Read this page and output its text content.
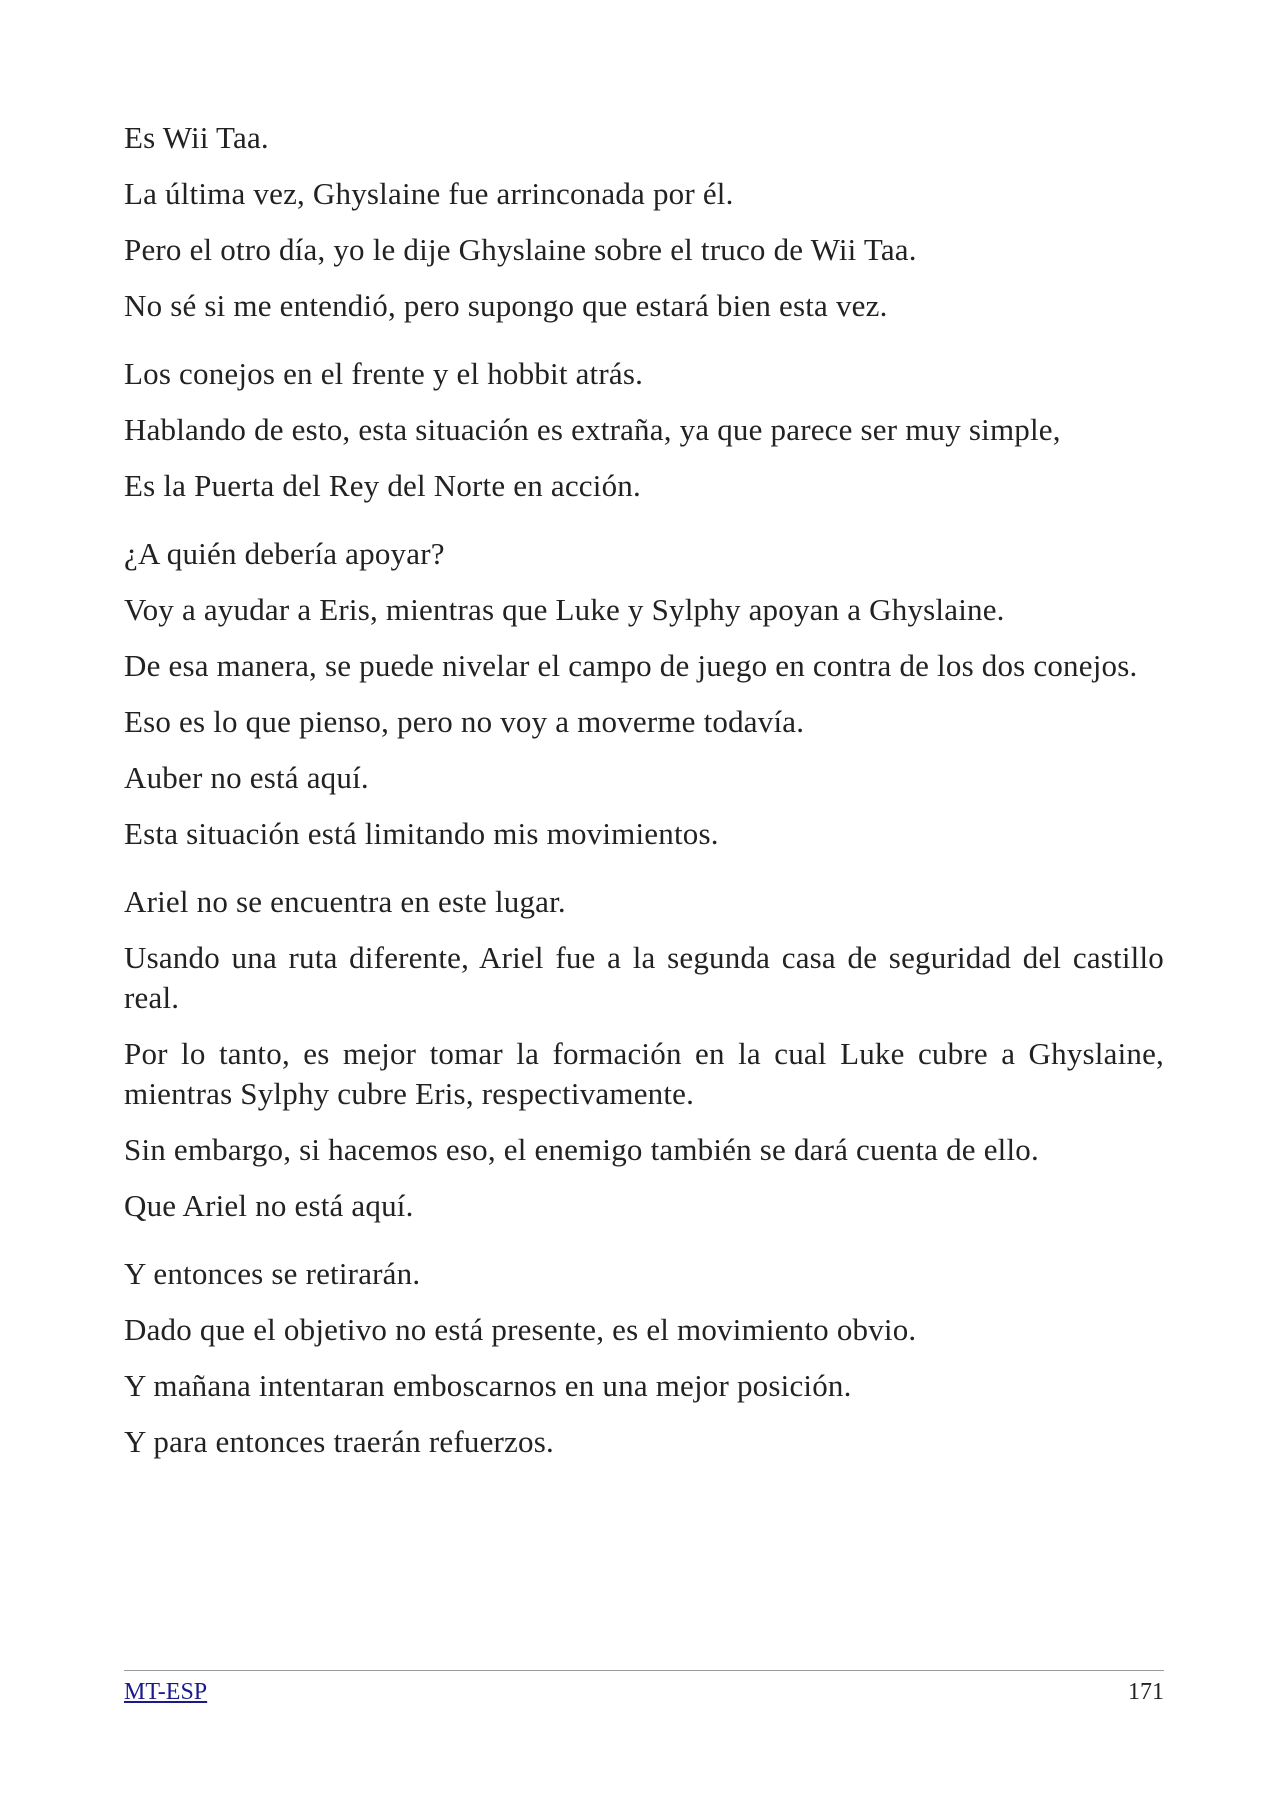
Es Wii Taa.

La última vez, Ghyslaine fue arrinconada por él.

Pero el otro día, yo le dije Ghyslaine sobre el truco de Wii Taa.

No sé si me entendió, pero supongo que estará bien esta vez.

Los conejos en el frente y el hobbit atrás.

Hablando de esto, esta situación es extraña, ya que parece ser muy simple,

Es la Puerta del Rey del Norte en acción.

¿A quién debería apoyar?

Voy a ayudar a Eris, mientras que Luke y Sylphy apoyan a Ghyslaine.

De esa manera, se puede nivelar el campo de juego en contra de los dos conejos.

Eso es lo que pienso, pero no voy a moverme todavía.

Auber no está aquí.

Esta situación está limitando mis movimientos.

Ariel no se encuentra en este lugar.

Usando una ruta diferente, Ariel fue a la segunda casa de seguridad del castillo real.

Por lo tanto, es mejor tomar la formación en la cual Luke cubre a Ghyslaine, mientras Sylphy cubre Eris, respectivamente.

Sin embargo, si hacemos eso, el enemigo también se dará cuenta de ello.

Que Ariel no está aquí.

Y entonces se retirarán.

Dado que el objetivo no está presente, es el movimiento obvio.

Y mañana intentaran emboscarnos en una mejor posición.

Y para entonces traerán refuerzos.

MT-ESP	171
